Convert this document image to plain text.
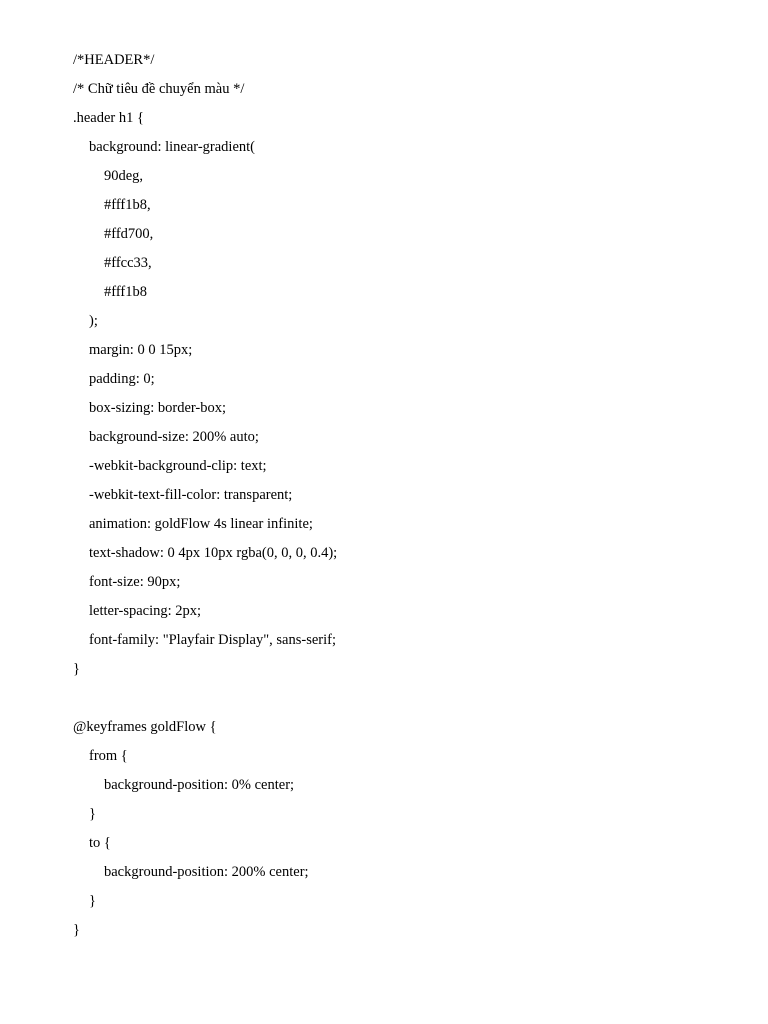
/*HEADER*/
/* Chữ tiêu đề chuyển màu */
.header h1 {
background: linear-gradient(
90deg,
#fff1b8,
#ffd700,
#ffcc33,
#fff1b8
);
margin: 0 0 15px;
padding: 0;
box-sizing: border-box;
background-size: 200% auto;
-webkit-background-clip: text;
-webkit-text-fill-color: transparent;
animation: goldFlow 4s linear infinite;
text-shadow: 0 4px 10px rgba(0, 0, 0, 0.4);
font-size: 90px;
letter-spacing: 2px;
font-family: "Playfair Display", sans-serif;
}
@keyframes goldFlow {
from {
background-position: 0% center;
}
to {
background-position: 200% center;
}
}
